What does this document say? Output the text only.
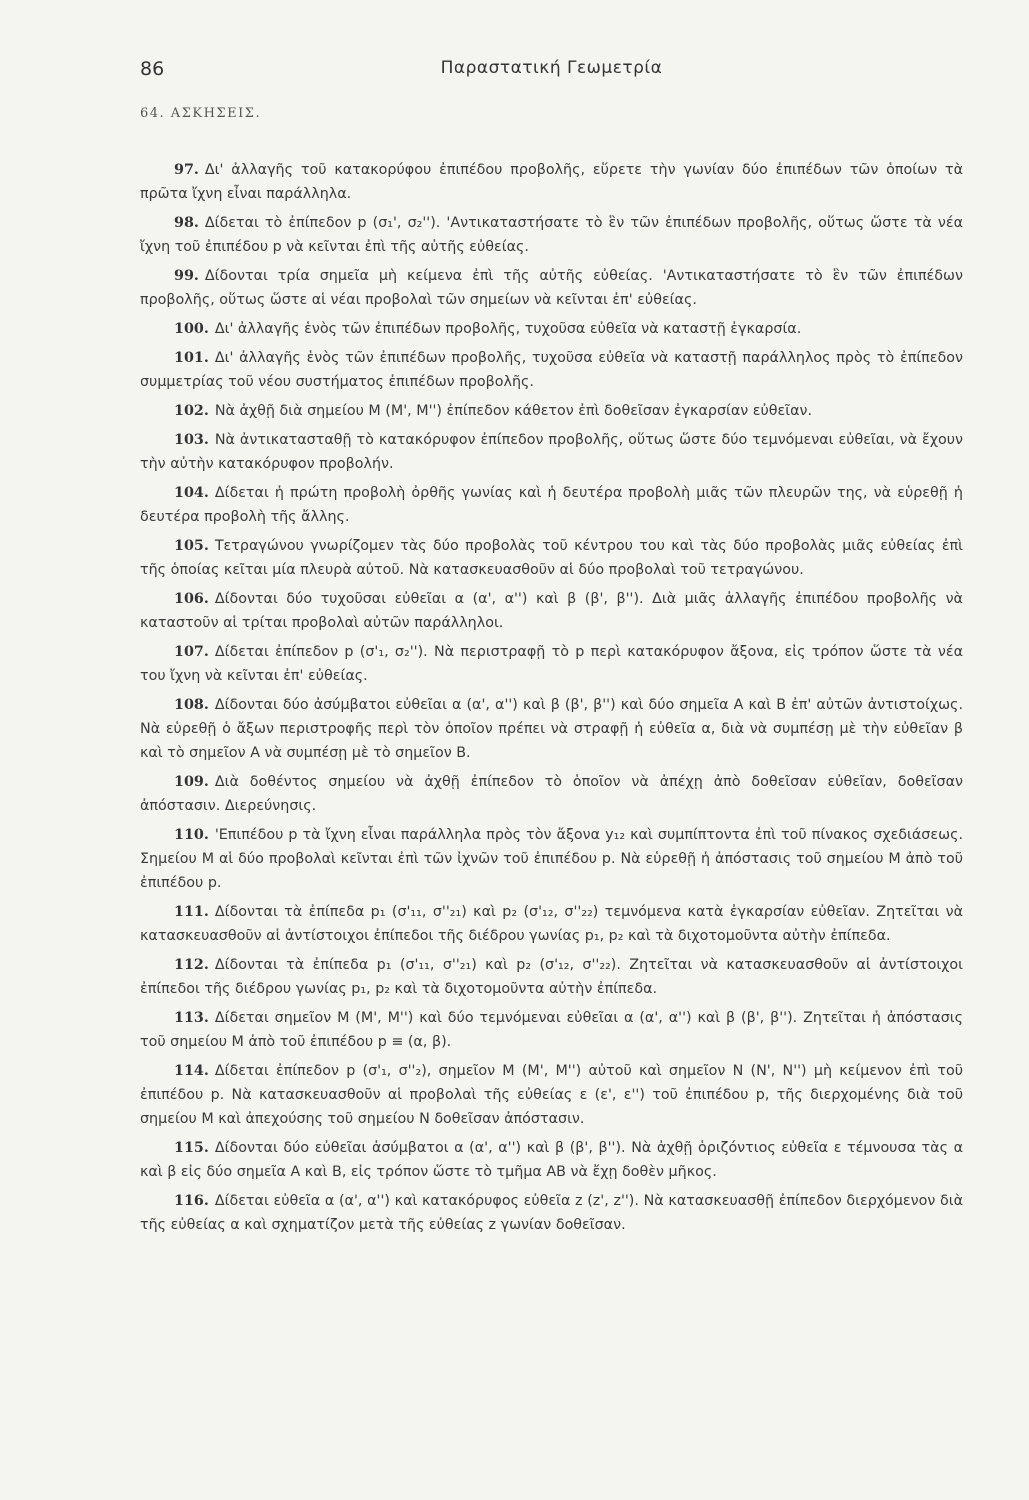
86	Παραστατική Γεωμετρία
64. ΑΣΚΗΣΕΙΣ.

97. Δι' ἀλλαγῆς τοῦ κατακορύφου ἐπιπέδου προβολῆς, εὕρετε τὴν γωνίαν δύο ἐπιπέδων τῶν ὁποίων τὰ πρῶτα ἴχνη εἶναι παράλληλα.

98. Δίδεται τὸ ἐπίπεδον p (σ₁', σ₂''). 'Αντικαταστήσατε τὸ ἓν τῶν ἐπιπέδων προβολῆς, οὕτως ὥστε τὰ νέα ἴχνη τοῦ ἐπιπέδου p νὰ κεῖνται ἐπὶ τῆς αὐτῆς εὐθείας.

99. Δίδονται τρία σημεῖα μὴ κείμενα ἐπὶ τῆς αὐτῆς εὐθείας. 'Αντικαταστήσατε τὸ ἓν τῶν ἐπιπέδων προβολῆς, οὕτως ὥστε αἱ νέαι προβολαὶ τῶν σημείων νὰ κεῖνται ἐπ' εὐθείας.

100. Δι' ἀλλαγῆς ἑνὸς τῶν ἐπιπέδων προβολῆς, τυχοῦσα εὐθεῖα νὰ καταστῇ ἐγκαρσία.

101. Δι' ἀλλαγῆς ἑνὸς τῶν ἐπιπέδων προβολῆς, τυχοῦσα εὐθεῖα νὰ καταστῇ παράλληλος πρὸς τὸ ἐπίπεδον συμμετρίας τοῦ νέου συστήματος ἐπιπέδων προβολῆς.

102. Νὰ ἀχθῇ διὰ σημείου M (M', M'') ἐπίπεδον κάθετον ἐπὶ δοθεῖσαν ἐγκαρσίαν εὐθεῖαν.

103. Νὰ ἀντικατασταθῇ τὸ κατακόρυφον ἐπίπεδον προβολῆς, οὕτως ὥστε δύο τεμνόμεναι εὐθεῖαι, νὰ ἔχουν τὴν αὐτὴν κατακόρυφον προβολήν.

104. Δίδεται ἡ πρώτη προβολὴ ὀρθῆς γωνίας καὶ ἡ δευτέρα προβολὴ μιᾶς τῶν πλευρῶν της, νὰ εὑρεθῇ ἡ δευτέρα προβολὴ τῆς ἄλλης.

105. Τετραγώνου γνωρίζομεν τὰς δύο προβολὰς τοῦ κέντρου του καὶ τὰς δύο προβολὰς μιᾶς εὐθείας ἐπὶ τῆς ὁποίας κεῖται μία πλευρὰ αὐτοῦ. Νὰ κατασκευασθοῦν αἱ δύο προβολαὶ τοῦ τετραγώνου.

106. Δίδονται δύο τυχοῦσαι εὐθεῖαι α (α', α'') καὶ β (β', β''). Διὰ μιᾶς ἀλλαγῆς ἐπιπέδου προβολῆς νὰ καταστοῦν αἱ τρίται προβολαὶ αὐτῶν παράλληλοι.

107. Δίδεται ἐπίπεδον p (σ'₁, σ₂''). Νὰ περιστραφῇ τὸ p περὶ κατακόρυφον ἄξονα, εἰς τρόπον ὥστε τὰ νέα του ἴχνη νὰ κεῖνται ἐπ' εὐθείας.

108. Δίδονται δύο ἀσύμβατοι εὐθεῖαι α (α', α'') καὶ β (β', β'') καὶ δύο σημεῖα A καὶ B ἐπ' αὐτῶν ἀντιστοίχως. Νὰ εὑρεθῇ ὁ ἄξων περιστροφῆς περὶ τὸν ὁποῖον πρέπει νὰ στραφῇ ἡ εὐθεῖα α, διὰ νὰ συμπέσῃ μὲ τὴν εὐθεῖαν β καὶ τὸ σημεῖον A νὰ συμπέσῃ μὲ τὸ σημεῖον B.

109. Διὰ δοθέντος σημείου νὰ ἀχθῇ ἐπίπεδον τὸ ὁποῖον νὰ ἀπέχῃ ἀπὸ δοθεῖσαν εὐθεῖαν, δοθεῖσαν ἀπόστασιν. Διερεύνησις.

110. 'Επιπέδου p τὰ ἴχνη εἶναι παράλληλα πρὸς τὸν ἄξονα y₁₂ καὶ συμπίπτοντα ἐπὶ τοῦ πίνακος σχεδιάσεως. Σημείου M αἱ δύο προβολαὶ κεῖνται ἐπὶ τῶν ἰχνῶν τοῦ ἐπιπέδου p. Νὰ εὑρεθῇ ἡ ἀπόστασις τοῦ σημείου M ἀπὸ τοῦ ἐπιπέδου p.

111. Δίδονται τὰ ἐπίπεδα p₁ (σ'₁₁, σ''₂₁) καὶ p₂ (σ'₁₂, σ''₂₂) τεμνόμενα κατὰ ἐγκαρσίαν εὐθεῖαν. Ζητεῖται νὰ κατασκευασθοῦν αἱ ἀντίστοιχοι ἐπίπεδοι τῆς διέδρου γωνίας p₁, p₂ καὶ τὰ διχοτομοῦντα αὐτὴν ἐπίπεδα.

112. Δίδονται τὰ ἐπίπεδα p₁ (σ'₁₁, σ''₂₁) καὶ p₂ (σ'₁₂, σ''₂₂). Ζητεῖται νὰ κατασκευασθοῦν αἱ ἀντίστοιχοι ἐπίπεδοι τῆς διέδρου γωνίας p₁, p₂ καὶ τὰ διχοτομοῦντα αὐτὴν ἐπίπεδα.

113. Δίδεται σημεῖον M (M', M'') καὶ δύο τεμνόμεναι εὐθεῖαι α (α', α'') καὶ β (β', β''). Ζητεῖται ἡ ἀπόστασις τοῦ σημείου M ἀπὸ τοῦ ἐπιπέδου p ≡ (α, β).

114. Δίδεται ἐπίπεδον p (σ'₁, σ''₂), σημεῖον M (M', M'') αὐτοῦ καὶ σημεῖον N (N', N'') μὴ κείμενον ἐπὶ τοῦ ἐπιπέδου p. Νὰ κατασκευασθοῦν αἱ προβολαὶ τῆς εὐθείας ε (ε', ε'') τοῦ ἐπιπέδου p, τῆς διερχομένης διὰ τοῦ σημείου M καὶ ἀπεχούσης τοῦ σημείου N δοθεῖσαν ἀπόστασιν.

115. Δίδονται δύο εὐθεῖαι ἀσύμβατοι α (α', α'') καὶ β (β', β''). Νὰ ἀχθῇ ὁριζόντιος εὐθεῖα ε τέμνουσα τὰς α καὶ β εἰς δύο σημεῖα A καὶ B, εἰς τρόπον ὥστε τὸ τμῆμα AB νὰ ἔχῃ δοθὲν μῆκος.

116. Δίδεται εὐθεῖα α (α', α'') καὶ κατακόρυφος εὐθεῖα z (z', z''). Νὰ κατασκευασθῇ ἐπίπεδον διερχόμενον διὰ τῆς εὐθείας α καὶ σχηματίζον μετὰ τῆς εὐθείας z γωνίαν δοθεῖσαν.
